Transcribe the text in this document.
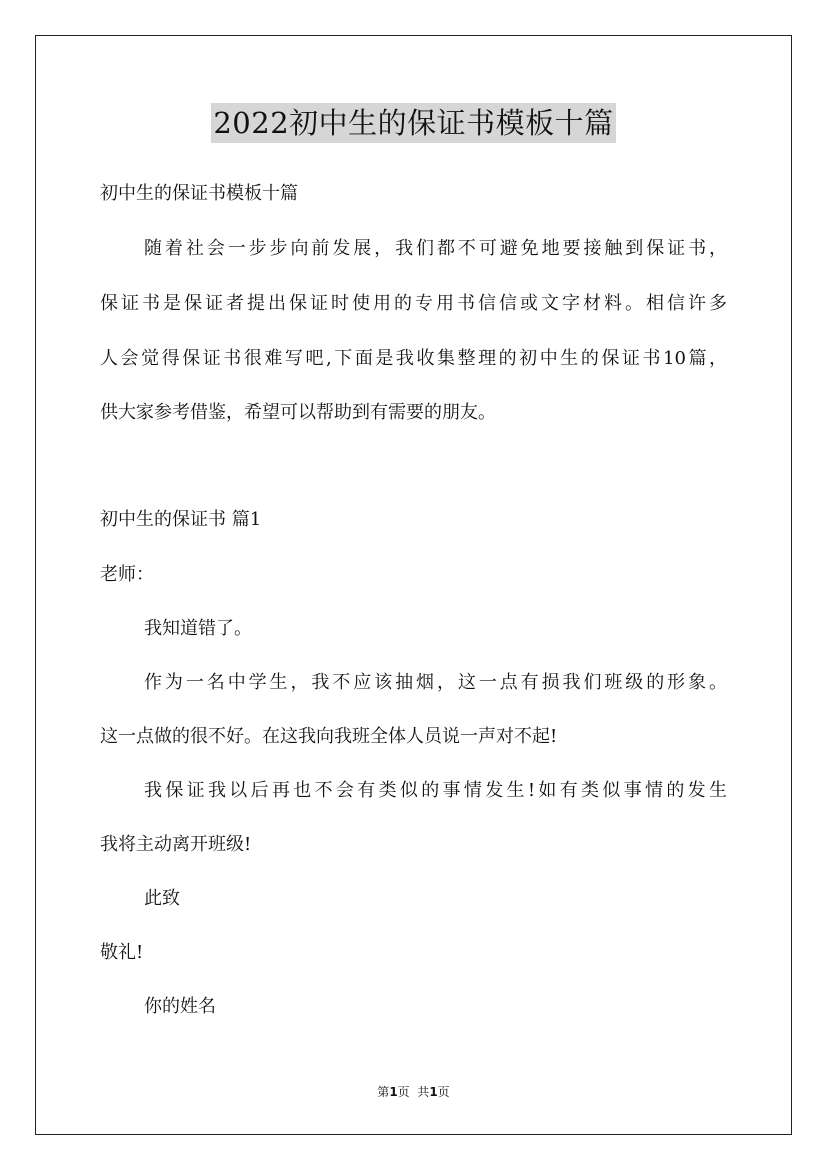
2022初中生的保证书模板十篇
初中生的保证书模板十篇
随着社会一步步向前发展，我们都不可避免地要接触到保证书，
保证书是保证者提出保证时使用的专用书信信或文字材料。相信许多
人会觉得保证书很难写吧,下面是我收集整理的初中生的保证书10篇，
供大家参考借鉴，希望可以帮助到有需要的朋友。
初中生的保证书 篇1
老师：
我知道错了。
作为一名中学生，我不应该抽烟，这一点有损我们班级的形象。
这一点做的很不好。在这我向我班全体人员说一声对不起!
我保证我以后再也不会有类似的事情发生!如有类似事情的发生
我将主动离开班级!
此致
敬礼!
你的姓名
第1页  共1页
